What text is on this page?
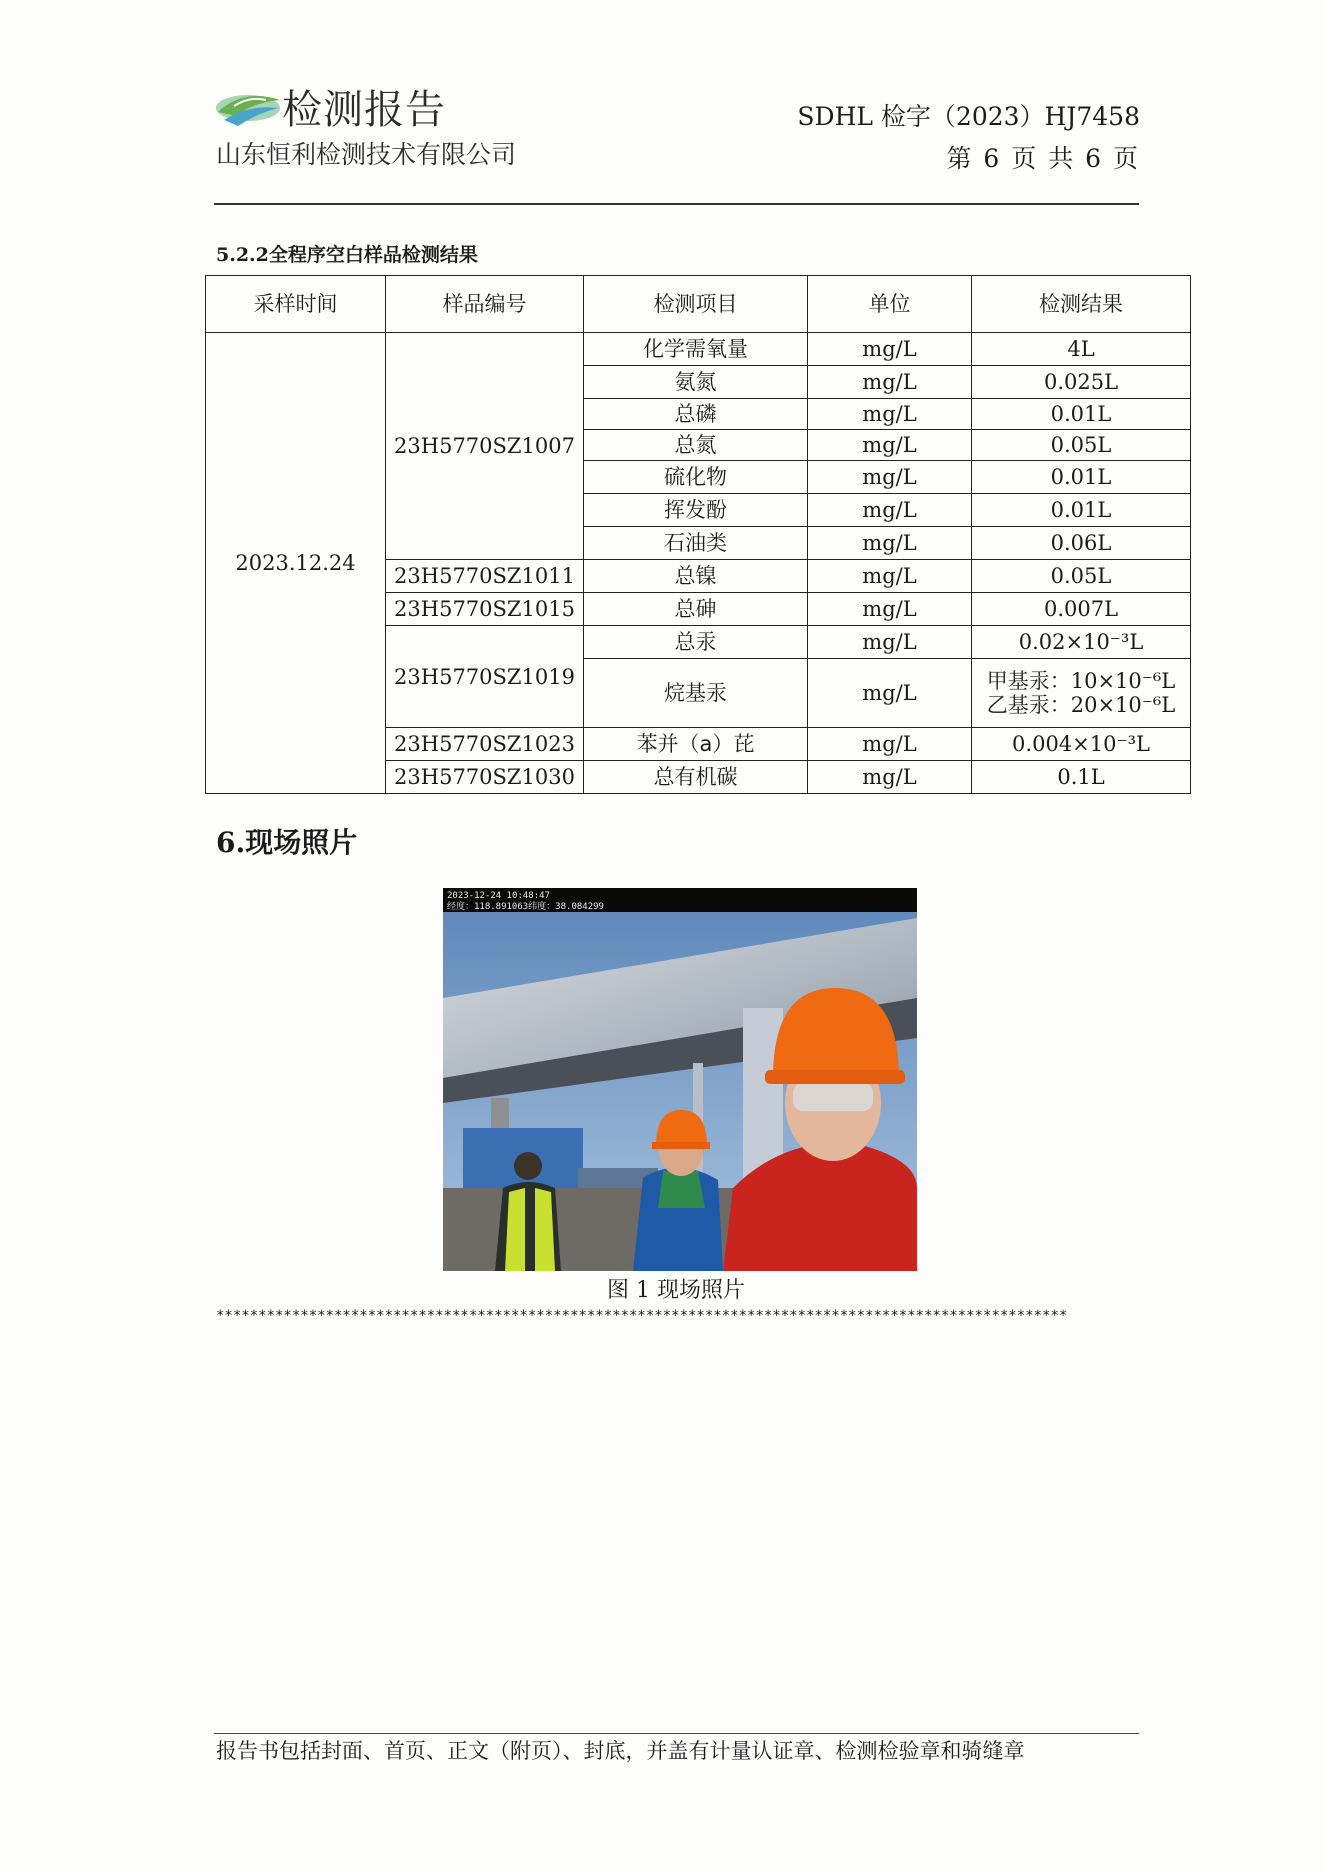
检测报告
山东恒利检测技术有限公司
SDHL 检字（2023）HJ7458
第 6 页 共 6 页
5.2.2全程序空白样品检测结果
采样时间	样品编号	检测项目	单位	检测结果
2023.12.24	23H5770SZ1007	化学需氧量	mg/L	4L
		氨氮	mg/L	0.025L
		总磷	mg/L	0.01L
		总氮	mg/L	0.05L
		硫化物	mg/L	0.01L
		挥发酚	mg/L	0.01L
		石油类	mg/L	0.06L
	23H5770SZ1011	总镍	mg/L	0.05L
	23H5770SZ1015	总砷	mg/L	0.007L
	23H5770SZ1019	总汞	mg/L	0.02×10⁻³L
		烷基汞	mg/L	甲基汞：10×10⁻⁶L
乙基汞：20×10⁻⁶L

	23H5770SZ1023	苯并（a）芘	mg/L	0.004×10⁻³L
	23H5770SZ1030	总有机碳	mg/L	0.1L
6.现场照片
2023-12-24 10:48:47
经度：118.891063纬度：38.084299
图 1 现场照片
*****************************************************************************************************
报告书包括封面、首页、正文（附页）、封底，并盖有计量认证章、检测检验章和骑缝章
